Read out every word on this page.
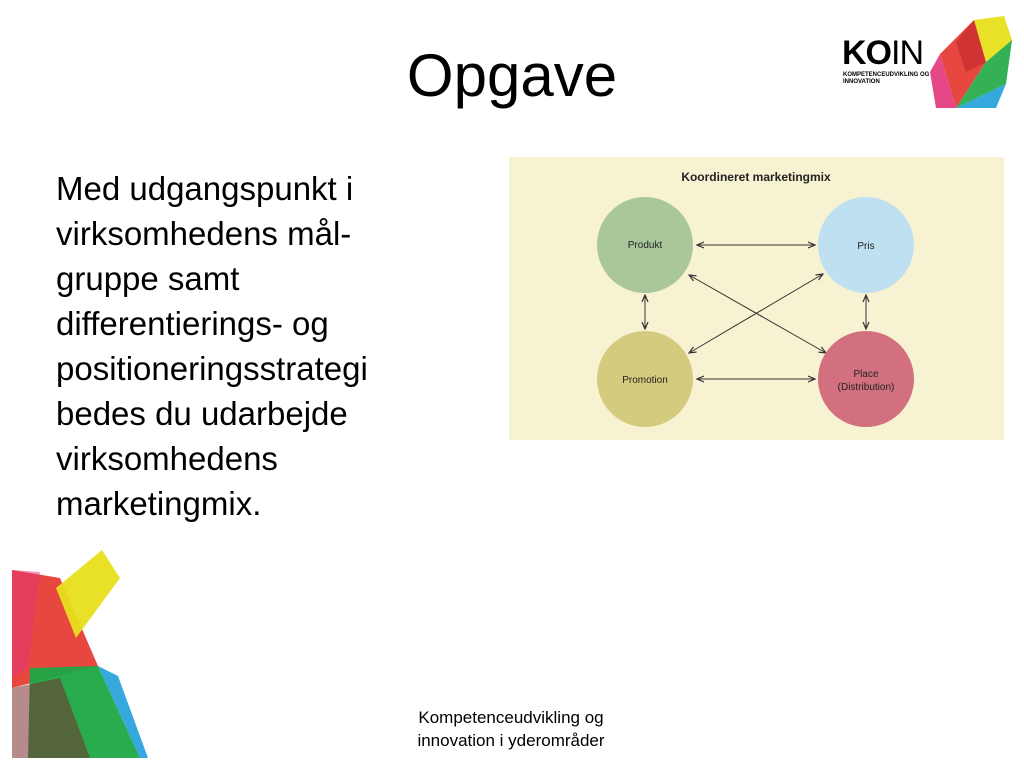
Opgave	KOIN
KOMPETENCEUDVIKLING OG
INNOVATION

Med udgangspunkt i
virksomhedens mål-
gruppe samt
differentierings- og
positioneringsstrategi
bedes du udarbejde
virksomhedens
marketingmix.

Koordineret marketingmix
Produkt	Pris
Promotion
Place
(Distribution)
Kompetenceudvikling og
innovation i yderområder
